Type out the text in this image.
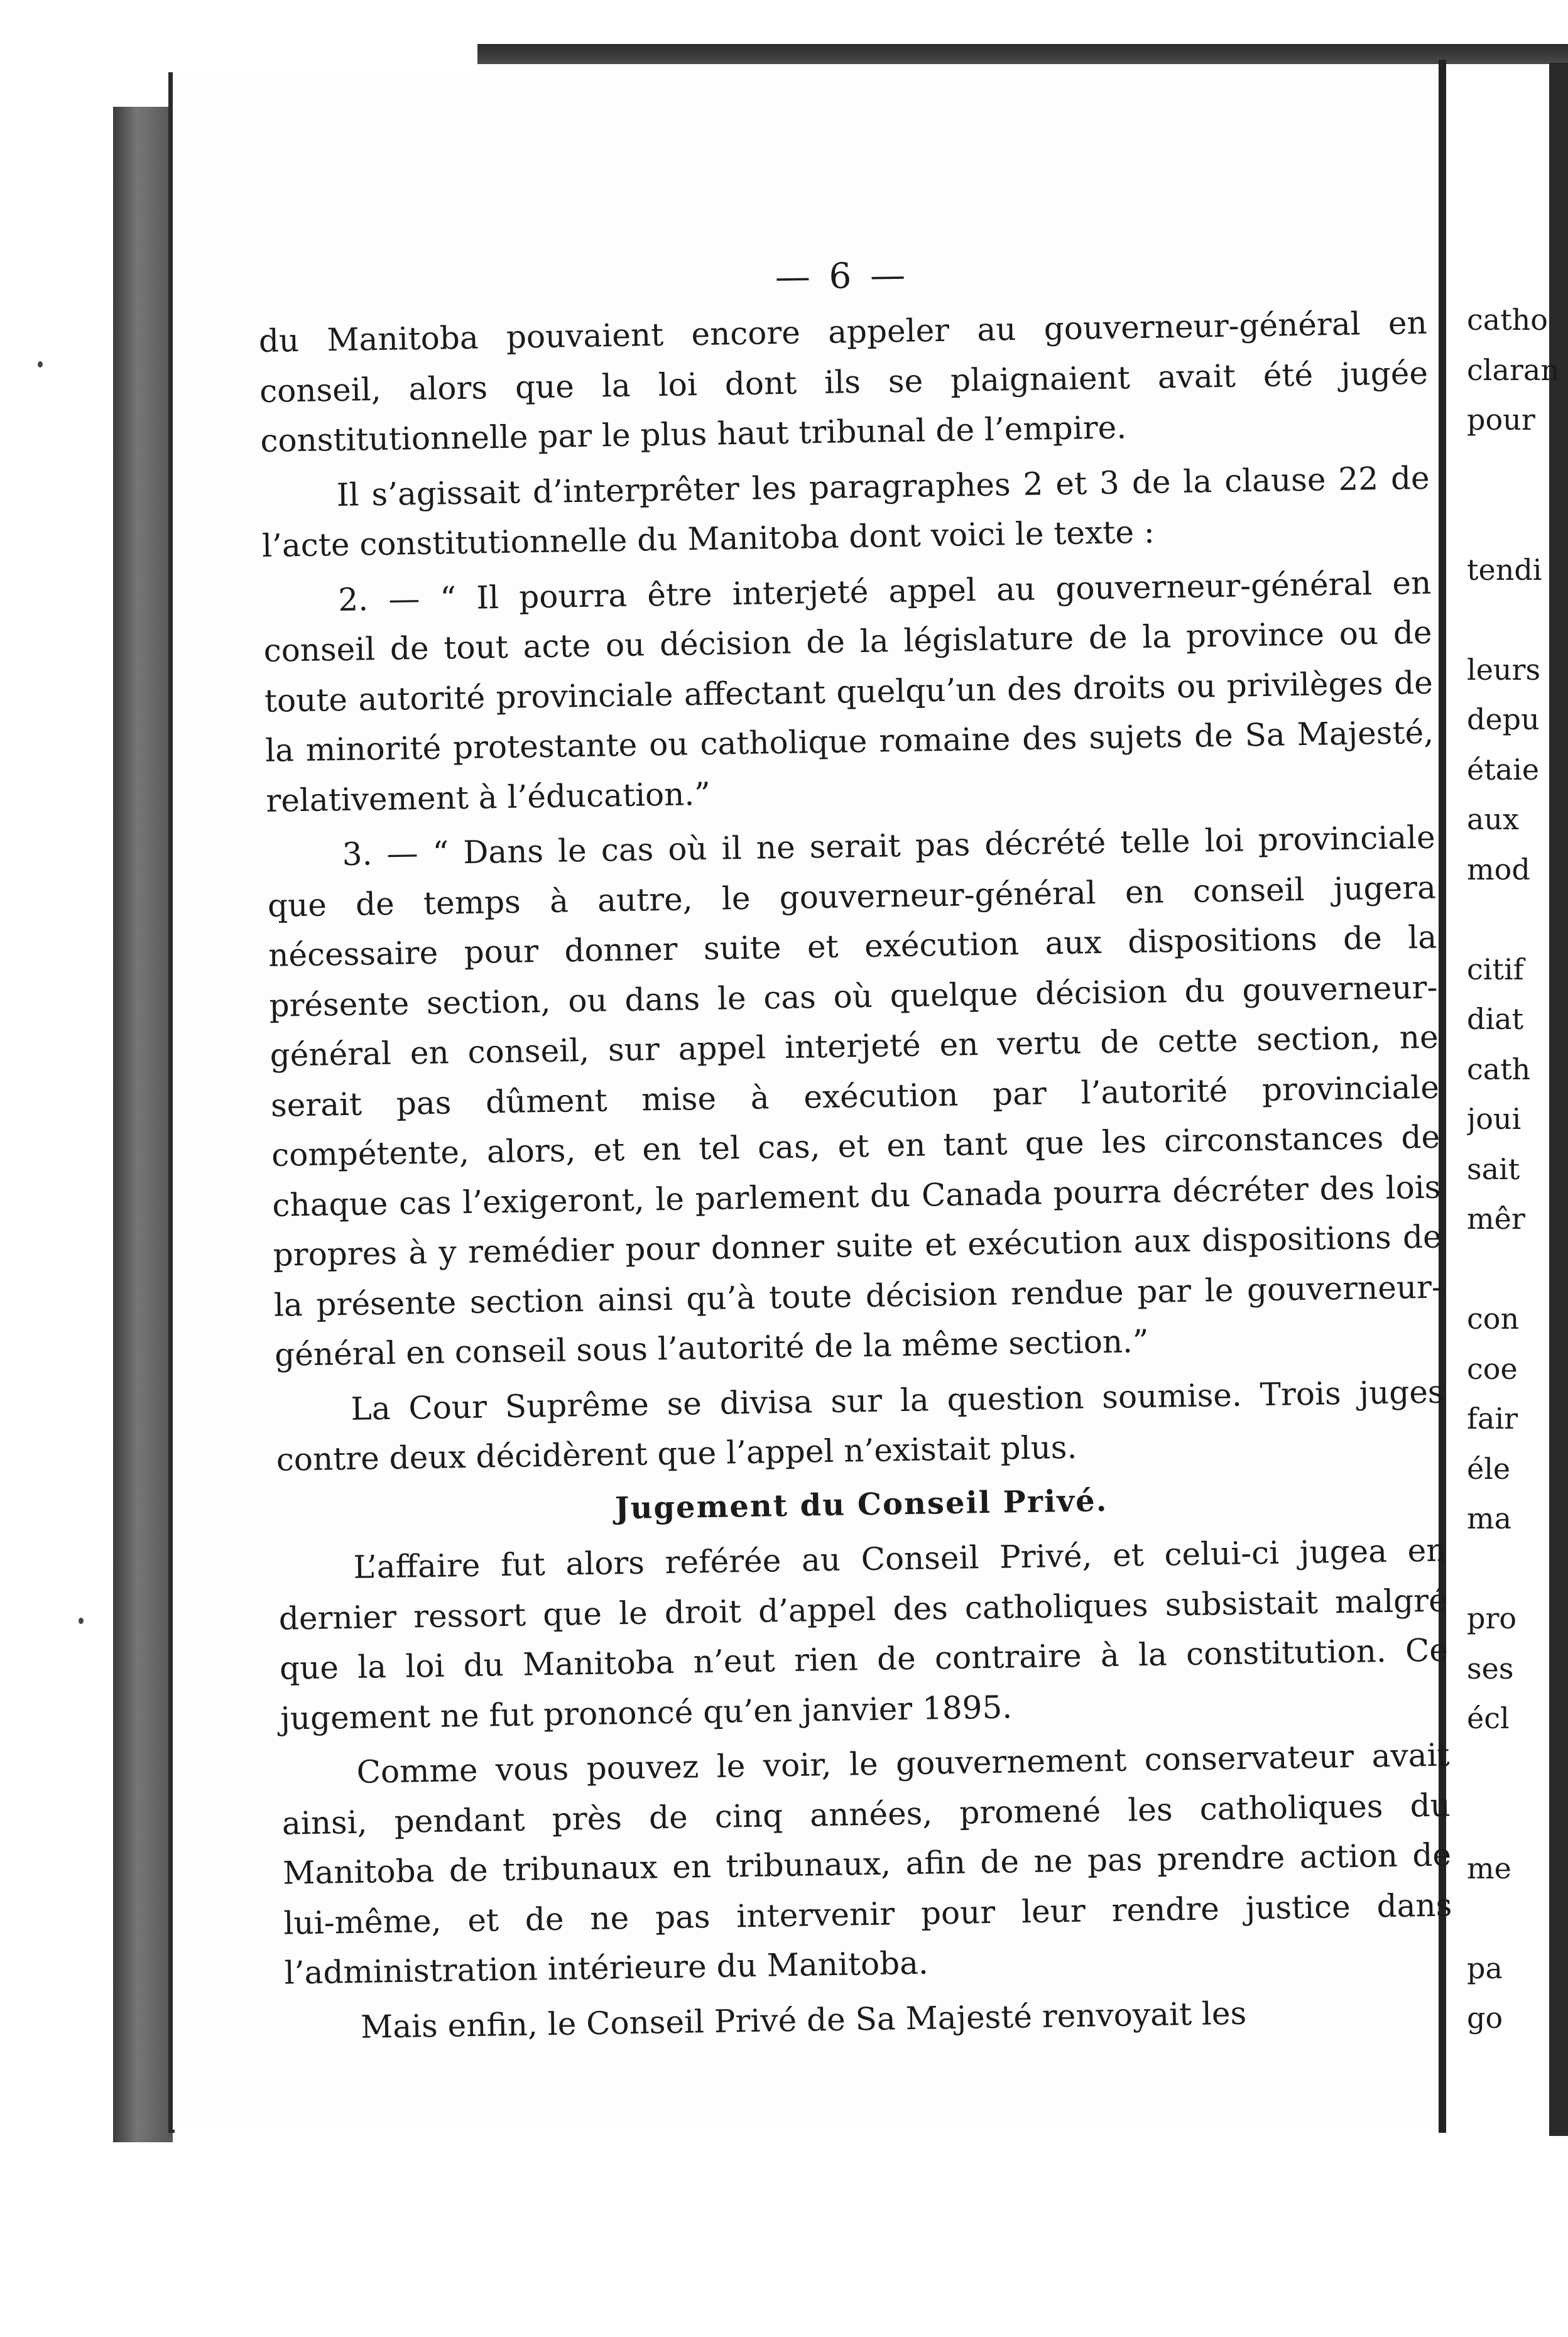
— 6 —

du Manitoba pouvaient encore appeler au gouverneur-général en conseil, alors que la loi dont ils se plaignaient avait été jugée constitutionnelle par le plus haut tribunal de l’empire.

Il s’agissait d’interprêter les paragraphes 2 et 3 de la clause 22 de l’acte constitutionnelle du Manitoba dont voici le texte :

2. — “ Il pourra être interjeté appel au gouverneur-général en conseil de tout acte ou décision de la législature de la province ou de toute autorité provinciale affectant quelqu’un des droits ou privilèges de la minorité protestante ou catholique romaine des sujets de Sa Majesté, relativement à l’éducation.”

3. — “ Dans le cas où il ne serait pas décrété telle loi provinciale que de temps à autre, le gouverneur-général en conseil jugera nécessaire pour donner suite et exécution aux dispositions de la présente section, ou dans le cas où quelque décision du gouverneur-général en conseil, sur appel interjeté en vertu de cette section, ne serait pas dûment mise à exécution par l’autorité provinciale compétente, alors, et en tel cas, et en tant que les circonstances de chaque cas l’exigeront, le parlement du Canada pourra décréter des lois propres à y remédier pour donner suite et exécution aux dispositions de la présente section ainsi qu’à toute décision rendue par le gouverneur-général en conseil sous l’autorité de la même section.”

La Cour Suprême se divisa sur la question soumise. Trois juges contre deux décidèrent que l’appel n’existait plus.

Jugement du Conseil Privé.

L’affaire fut alors reférée au Conseil Privé, et celui-ci jugea en dernier ressort que le droit d’appel des catholiques subsistait malgré que la loi du Manitoba n’eut rien de contraire à la constitution. Ce jugement ne fut prononcé qu’en janvier 1895.

Comme vous pouvez le voir, le gouvernement conservateur avait ainsi, pendant près de cinq années, promené les catholiques du Manitoba de tribunaux en tribunaux, afin de ne pas prendre action de lui-même, et de ne pas intervenir pour leur rendre justice dans l’administration intérieure du Manitoba.

Mais enfin, le Conseil Privé de Sa Majesté renvoyait les

catho
claran
pour
tendi
leurs
depu
étaie
aux
mod
citif
diat
cath
joui
sait
mêr
con
coe
fair
éle
ma
pro
ses
écl
me
pa
go
